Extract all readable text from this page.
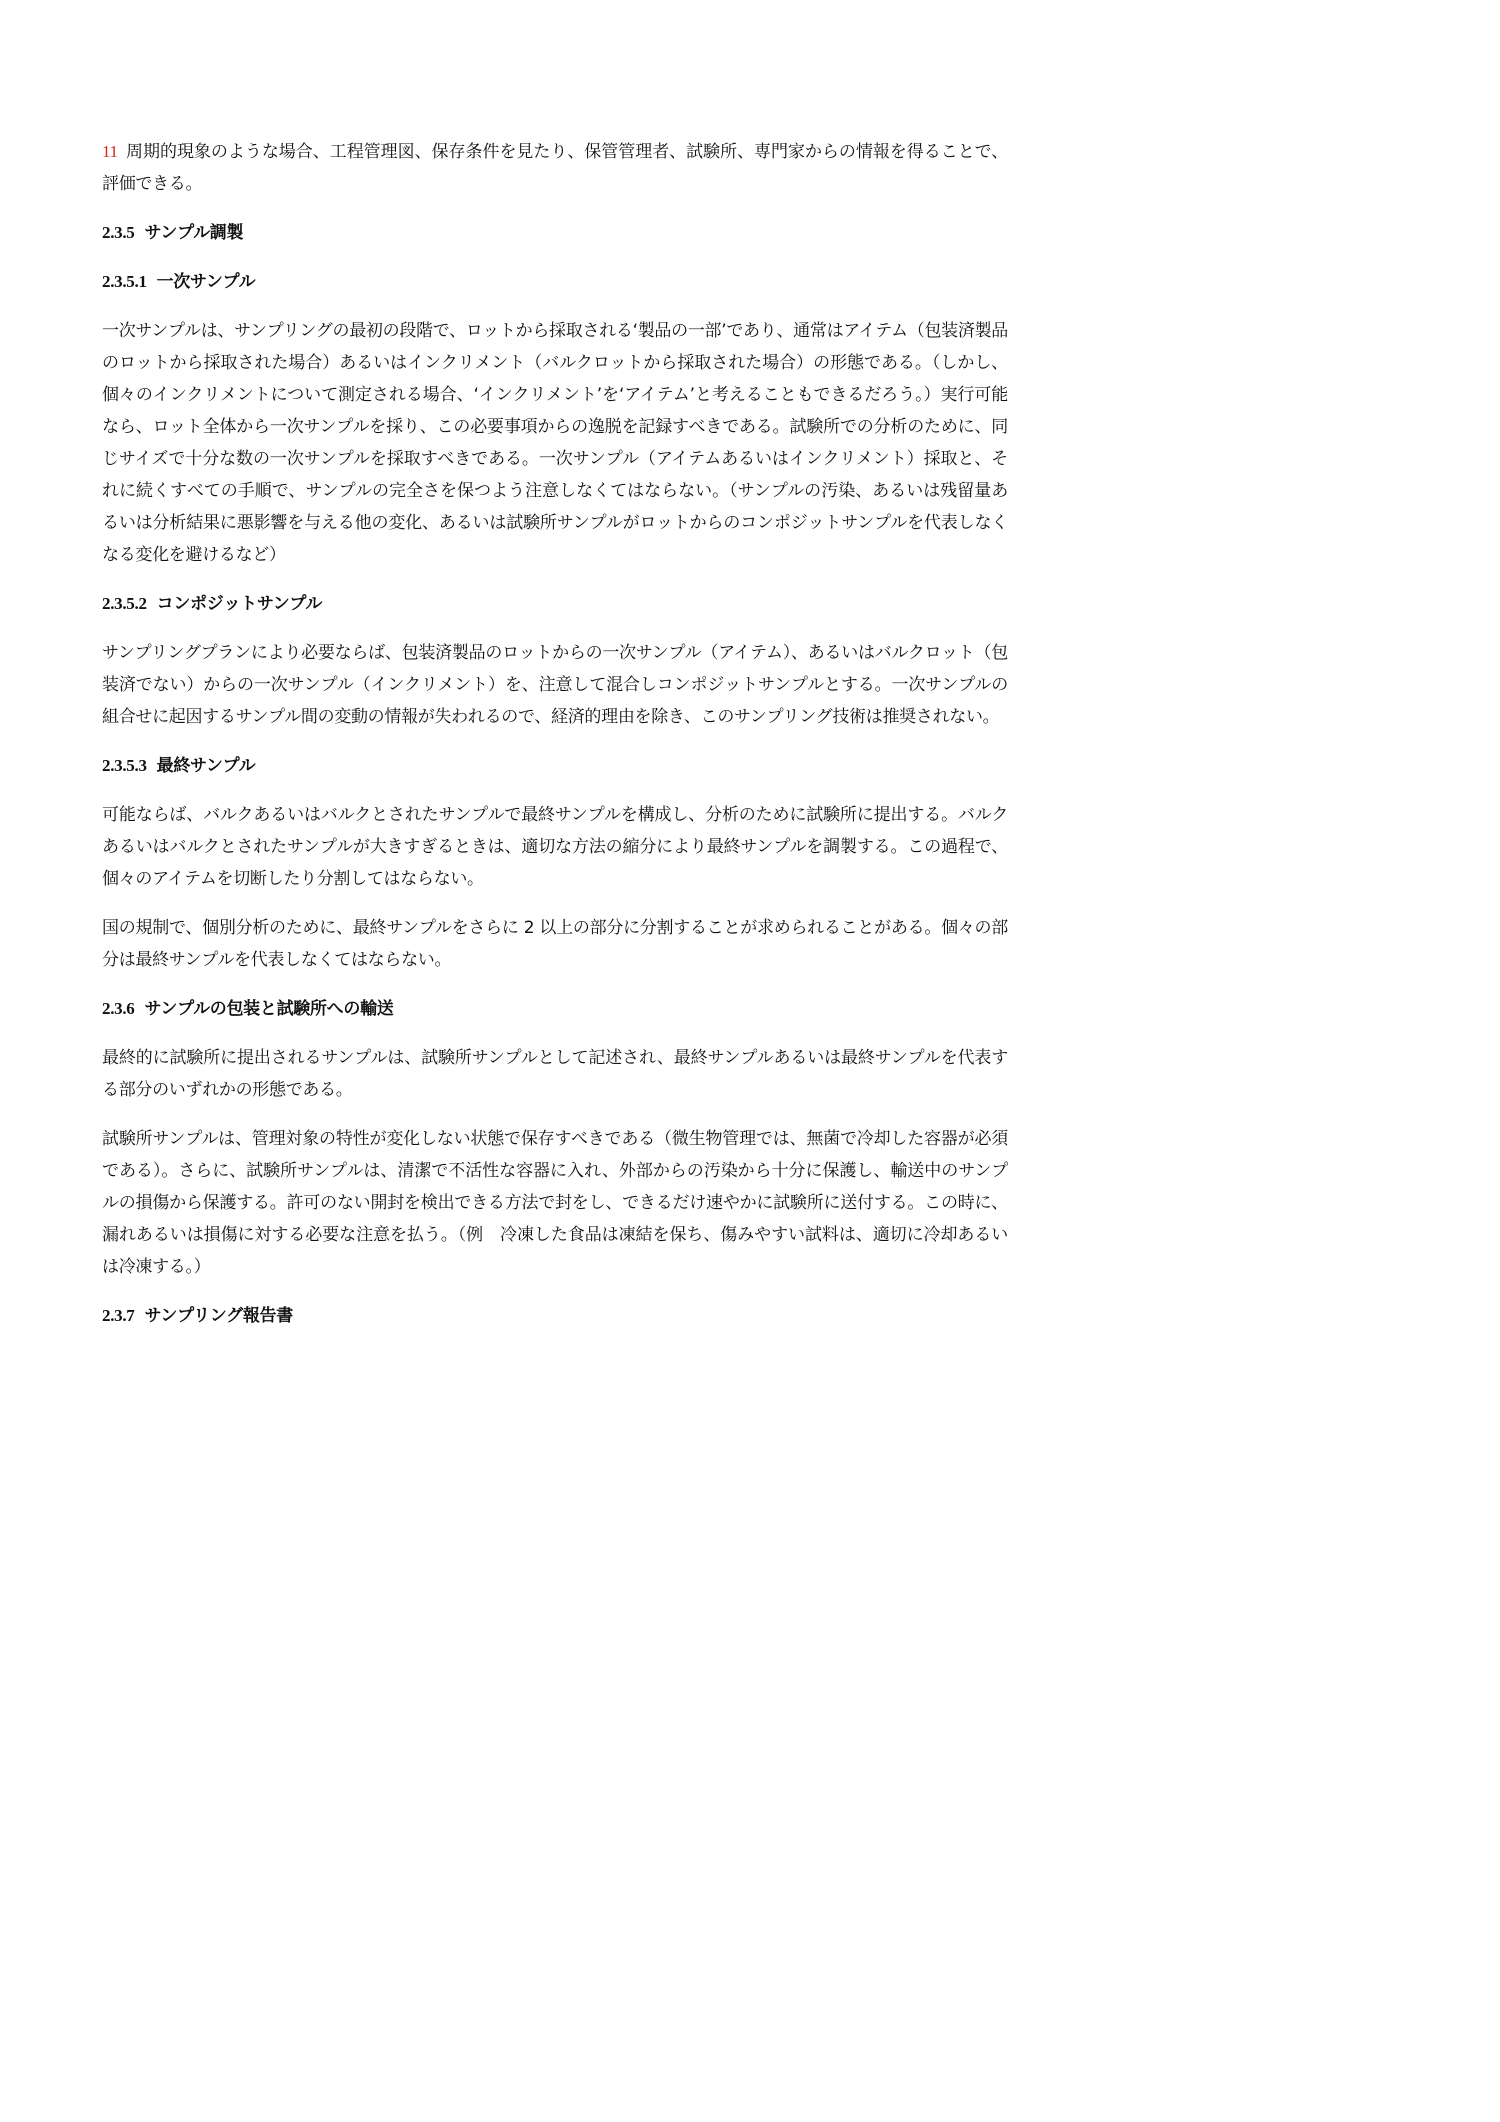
11 周期的現象のような場合、工程管理図、保存条件を見たり、保管管理者、試験所、専門家からの情報を得ることで、評価できる。

2.3.5 サンプル調製
2.3.5.1 一次サンプル

一次サンプルは、サンプリングの最初の段階で、ロットから採取される‘製品の一部’であり、通常はアイテム（包装済製品のロットから採取された場合）あるいはインクリメント（バルクロットから採取された場合）の形態である。（しかし、個々のインクリメントについて測定される場合、‘インクリメント’を‘アイテム’と考えることもできるだろう。）実行可能なら、ロット全体から一次サンプルを採り、この必要事項からの逸脱を記録すべきである。試験所での分析のために、同じサイズで十分な数の一次サンプルを採取すべきである。一次サンプル（アイテムあるいはインクリメント）採取と、それに続くすべての手順で、サンプルの完全さを保つよう注意しなくてはならない。（サンプルの汚染、あるいは残留量あるいは分析結果に悪影響を与える他の変化、あるいは試験所サンプルがロットからのコンポジットサンプルを代表しなくなる変化を避けるなど）

2.3.5.2 コンポジットサンプル

サンプリングプランにより必要ならば、包装済製品のロットからの一次サンプル（アイテム）、あるいはバルクロット（包装済でない）からの一次サンプル（インクリメント）を、注意して混合しコンポジットサンプルとする。一次サンプルの組合せに起因するサンプル間の変動の情報が失われるので、経済的理由を除き、このサンプリング技術は推奨されない。

2.3.5.3 最終サンプル

可能ならば、バルクあるいはバルクとされたサンプルで最終サンプルを構成し、分析のために試験所に提出する。バルクあるいはバルクとされたサンプルが大きすぎるときは、適切な方法の縮分により最終サンプルを調製する。この過程で、個々のアイテムを切断したり分割してはならない。

国の規制で、個別分析のために、最終サンプルをさらに 2 以上の部分に分割することが求められることがある。個々の部分は最終サンプルを代表しなくてはならない。

2.3.6 サンプルの包装と試験所への輸送

最終的に試験所に提出されるサンプルは、試験所サンプルとして記述され、最終サンプルあるいは最終サンプルを代表する部分のいずれかの形態である。

試験所サンプルは、管理対象の特性が変化しない状態で保存すべきである（微生物管理では、無菌で冷却した容器が必須である）。さらに、試験所サンプルは、清潔で不活性な容器に入れ、外部からの汚染から十分に保護し、輸送中のサンプルの損傷から保護する。許可のない開封を検出できる方法で封をし、できるだけ速やかに試験所に送付する。この時に、漏れあるいは損傷に対する必要な注意を払う。（例　冷凍した食品は凍結を保ち、傷みやすい試料は、適切に冷却あるいは冷凍する。）

2.3.7 サンプリング報告書
